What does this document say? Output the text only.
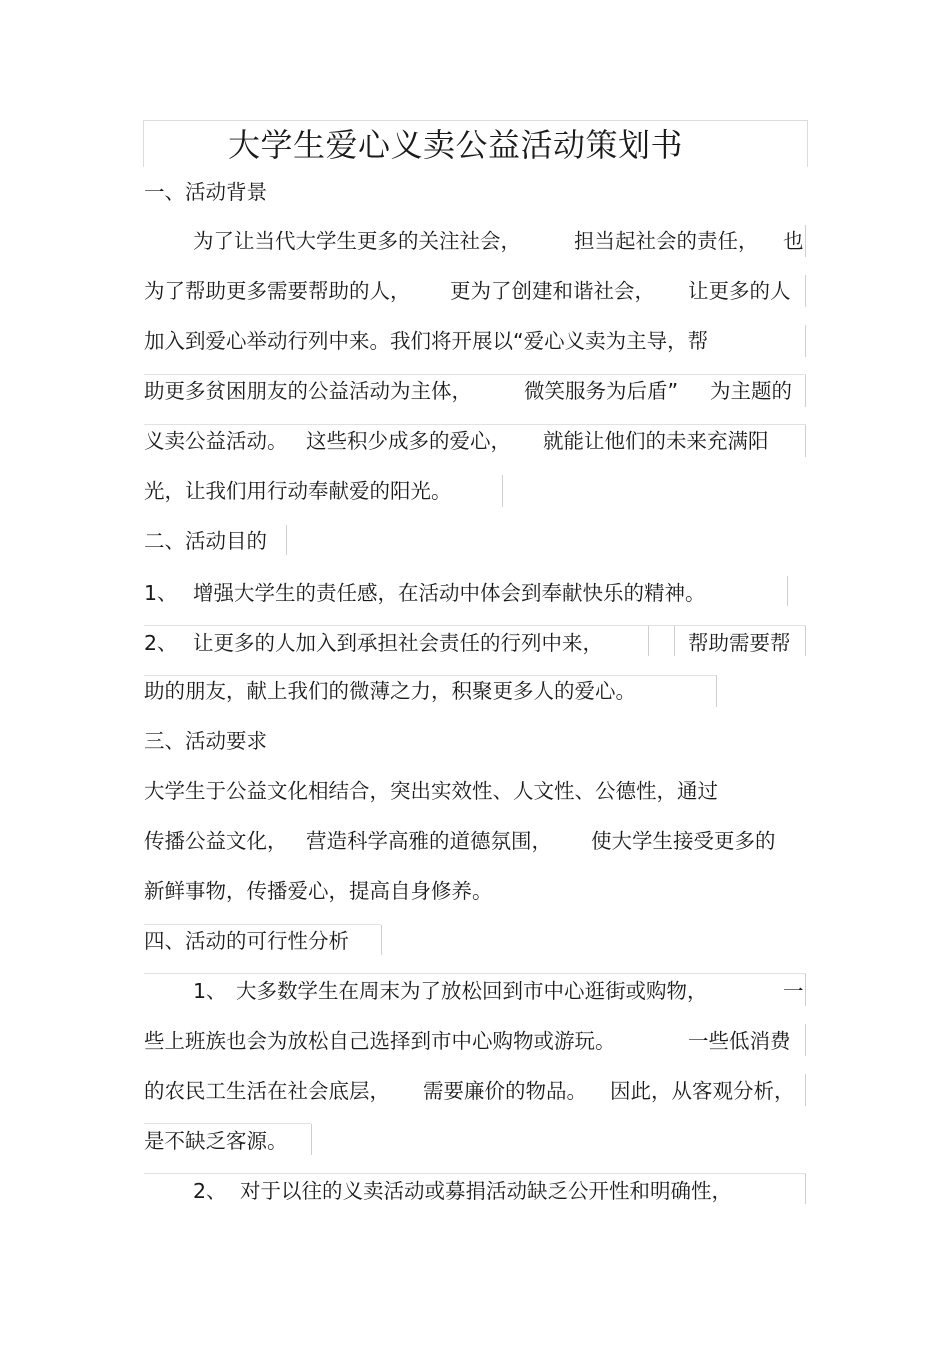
大学生爱心义卖公益活动策划书
一、活动背景
为了让当代大学生更多的关注社会，	担当起社会的责任， 也
为了帮助更多需要帮助的人， 更为了创建和谐社会， 让更多的人
加入到爱心举动行列中来。我们将开展以“爱心义卖为主导，帮
助更多贫困朋友的公益活动为主体，	微笑服务为后盾” 为主题的
义卖公益活动。 这些积少成多的爱心， 就能让他们的未来充满阳
光，让我们用行动奉献爱的阳光。
二、活动目的
1、 增强大学生的责任感，在活动中体会到奉献快乐的精神。
2、 让更多的人加入到承担社会责任的行列中来，	帮助需要帮
助的朋友，献上我们的微薄之力，积聚更多人的爱心。
三、活动要求
大学生于公益文化相结合，突出实效性、人文性、公德性，通过
传播公益文化， 营造科学高雅的道德氛围， 使大学生接受更多的
新鲜事物，传播爱心，提高自身修养。
四、活动的可行性分析
1、 大多数学生在周末为了放松回到市中心逛街或购物，	一
些上班族也会为放松自己选择到市中心购物或游玩。	一些低消费
的农民工生活在社会底层， 需要廉价的物品。 因此，从客观分析，
是不缺乏客源。
2、 对于以往的义卖活动或募捐活动缺乏公开性和明确性，
